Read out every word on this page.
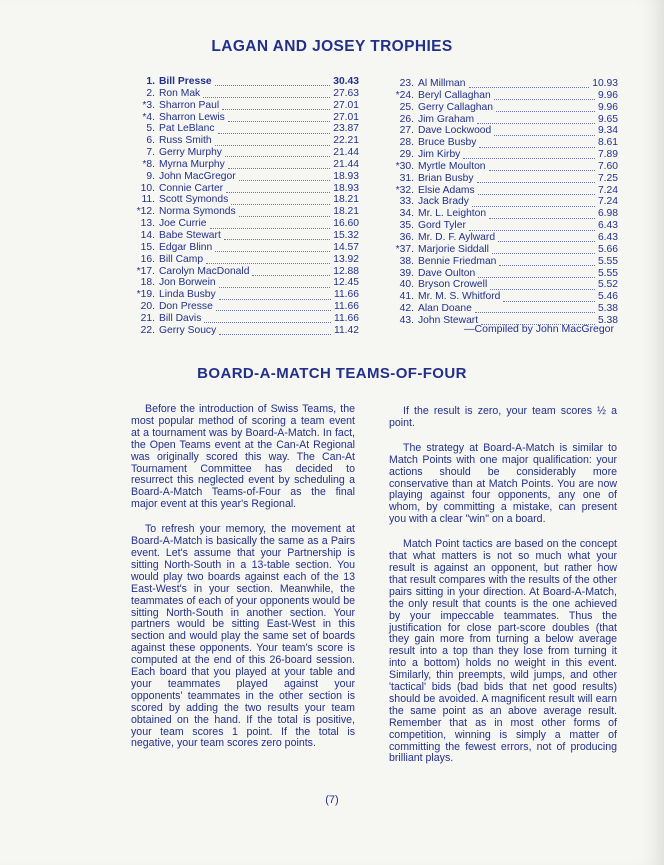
LAGAN AND JOSEY TROPHIES
1. Bill Presse	30.43
2. Ron Mak	27.63
*3. Sharron Paul	27.01
*4. Sharron Lewis	27.01
5. Pat LeBlanc	23.87
6. Russ Smith	22.21
7. Gerry Murphy	21.44
*8. Myrna Murphy	21.44
9. John MacGregor	18.93
10. Connie Carter	18.93
11. Scott Symonds	18.21
*12. Norma Symonds	18.21
13. Joe Currie	16.60
14. Babe Stewart	15.32
15. Edgar Blinn	14.57
16. Bill Camp	13.92
*17. Carolyn MacDonald	12.88
18. Jon Borwein	12.45
*19. Linda Busby	11.66
20. Don Presse	11.66
21. Bill Davis	11.66
22. Gerry Soucy	11.42
23. Al Millman	10.93
*24. Beryl Callaghan	9.96
25. Gerry Callaghan	9.96
26. Jim Graham	9.65
27. Dave Lockwood	9.34
28. Bruce Busby	8.61
29. Jim Kirby	7.89
*30. Myrtle Moulton	7.60
31. Brian Busby	7.25
*32. Elsie Adams	7.24
33. Jack Brady	7.24
34. Mr. L. Leighton	6.98
35. Gord Tyler	6.43
36. Mr. D. F. Aylward	6.43
*37. Marjorie Siddall	5.66
38. Bennie Friedman	5.55
39. Dave Oulton	5.55
40. Bryson Crowell	5.52
41. Mr. M. S. Whitford	5.46
42. Alan Doane	5.38
43. John Stewart	5.38
—Compiled by John MacGregor
BOARD-A-MATCH TEAMS-OF-FOUR

Before the introduction of Swiss Teams, the most popular method of scoring a team event at a tournament was by Board-A-Match. In fact, the Open Teams event at the Can-At Regional was originally scored this way. The Can-At Tournament Committee has decided to resurrect this neglected event by scheduling a Board-A-Match Teams-of-Four as the final major event at this year's Regional.

To refresh your memory, the movement at Board-A-Match is basically the same as a Pairs event. Let's assume that your Partnership is sitting North-South in a 13-table section. You would play two boards against each of the 13 East-West's in your section. Meanwhile, the teammates of each of your opponents would be sitting North-South in another section. Your partners would be sitting East-West in this section and would play the same set of boards against these opponents. Your team's score is computed at the end of this 26-board session. Each board that you played at your table and your teammates played against your opponents' teammates in the other section is scored by adding the two results your team obtained on the hand. If the total is positive, your team scores 1 point. If the total is negative, your team scores zero points.

If the result is zero, your team scores ½ a point.

The strategy at Board-A-Match is similar to Match Points with one major qualification: your actions should be considerably more conservative than at Match Points. You are now playing against four opponents, any one of whom, by committing a mistake, can present you with a clear "win" on a board.

Match Point tactics are based on the concept that what matters is not so much what your result is against an opponent, but rather how that result compares with the results of the other pairs sitting in your direction. At Board-A-Match, the only result that counts is the one achieved by your impeccable teammates. Thus the justification for close part-score doubles (that they gain more from turning a below average result into a top than they lose from turning it into a bottom) holds no weight in this event. Similarly, thin preempts, wild jumps, and other 'tactical' bids (bad bids that net good results) should be avoided. A magnificent result will earn the same point as an above average result. Remember that as in most other forms of competition, winning is simply a matter of committing the fewest errors, not of producing brilliant plays.

(7)
